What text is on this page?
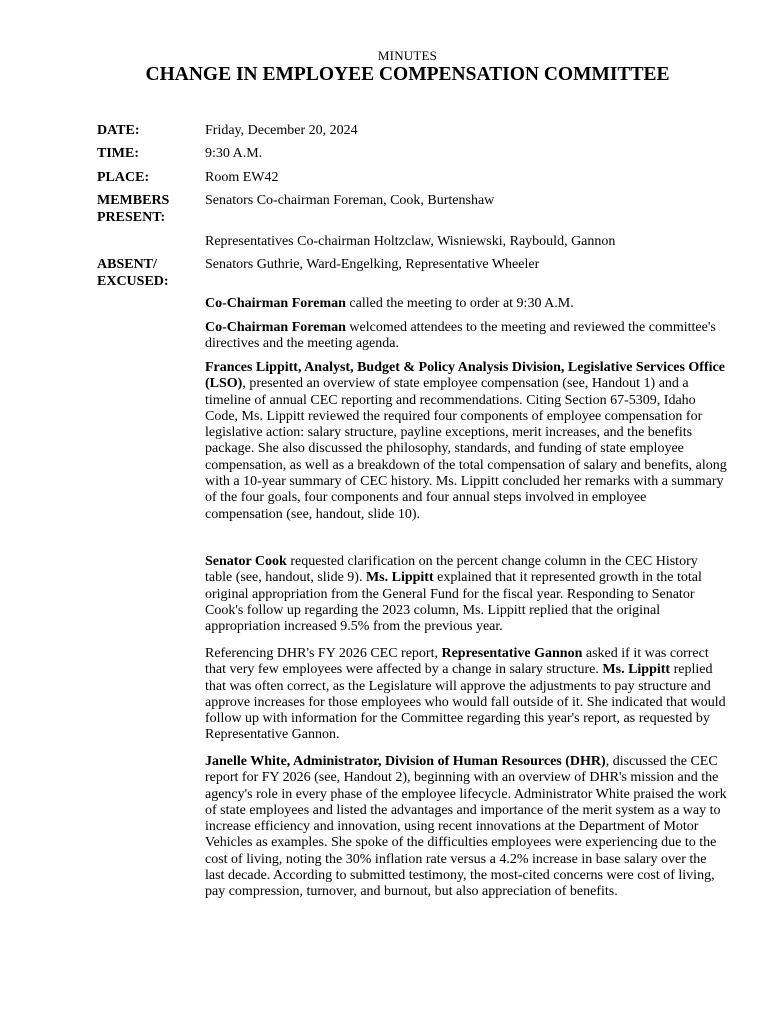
MINUTES
CHANGE IN EMPLOYEE COMPENSATION COMMITTEE
DATE:	Friday, December 20, 2024
TIME:	9:30 A.M.
PLACE:	Room EW42
MEMBERS
PRESENT:
Senators Co-chairman Foreman, Cook, Burtenshaw
Representatives Co-chairman Holtzclaw, Wisniewski, Raybould, Gannon
ABSENT/
EXCUSED:
Senators Guthrie, Ward-Engelking, Representative Wheeler

Co-Chairman Foreman called the meeting to order at 9:30 A.M.

Co-Chairman Foreman welcomed attendees to the meeting and reviewed the committee's directives and the meeting agenda.

Frances Lippitt, Analyst, Budget & Policy Analysis Division, Legislative Services Office (LSO), presented an overview of state employee compensation (see, Handout 1) and a timeline of annual CEC reporting and recommendations. Citing Section 67-5309, Idaho Code, Ms. Lippitt reviewed the required four components of employee compensation for legislative action: salary structure, payline exceptions, merit increases, and the benefits package. She also discussed the philosophy, standards, and funding of state employee compensation, as well as a breakdown of the total compensation of salary and benefits, along with a 10-year summary of CEC history. Ms. Lippitt concluded her remarks with a summary of the four goals, four components and four annual steps involved in employee compensation (see, handout, slide 10).

Senator Cook requested clarification on the percent change column in the CEC History table (see, handout, slide 9). Ms. Lippitt explained that it represented growth in the total original appropriation from the General Fund for the fiscal year. Responding to Senator Cook's follow up regarding the 2023 column, Ms. Lippitt replied that the original appropriation increased 9.5% from the previous year.

Referencing DHR's FY 2026 CEC report, Representative Gannon asked if it was correct that very few employees were affected by a change in salary structure. Ms. Lippitt replied that was often correct, as the Legislature will approve the adjustments to pay structure and approve increases for those employees who would fall outside of it. She indicated that would follow up with information for the Committee regarding this year's report, as requested by Representative Gannon.

Janelle White, Administrator, Division of Human Resources (DHR), discussed the CEC report for FY 2026 (see, Handout 2), beginning with an overview of DHR's mission and the agency's role in every phase of the employee lifecycle. Administrator White praised the work of state employees and listed the advantages and importance of the merit system as a way to increase efficiency and innovation, using recent innovations at the Department of Motor Vehicles as examples. She spoke of the difficulties employees were experiencing due to the cost of living, noting the 30% inflation rate versus a 4.2% increase in base salary over the last decade. According to submitted testimony, the most-cited concerns were cost of living, pay compression, turnover, and burnout, but also appreciation of benefits.
